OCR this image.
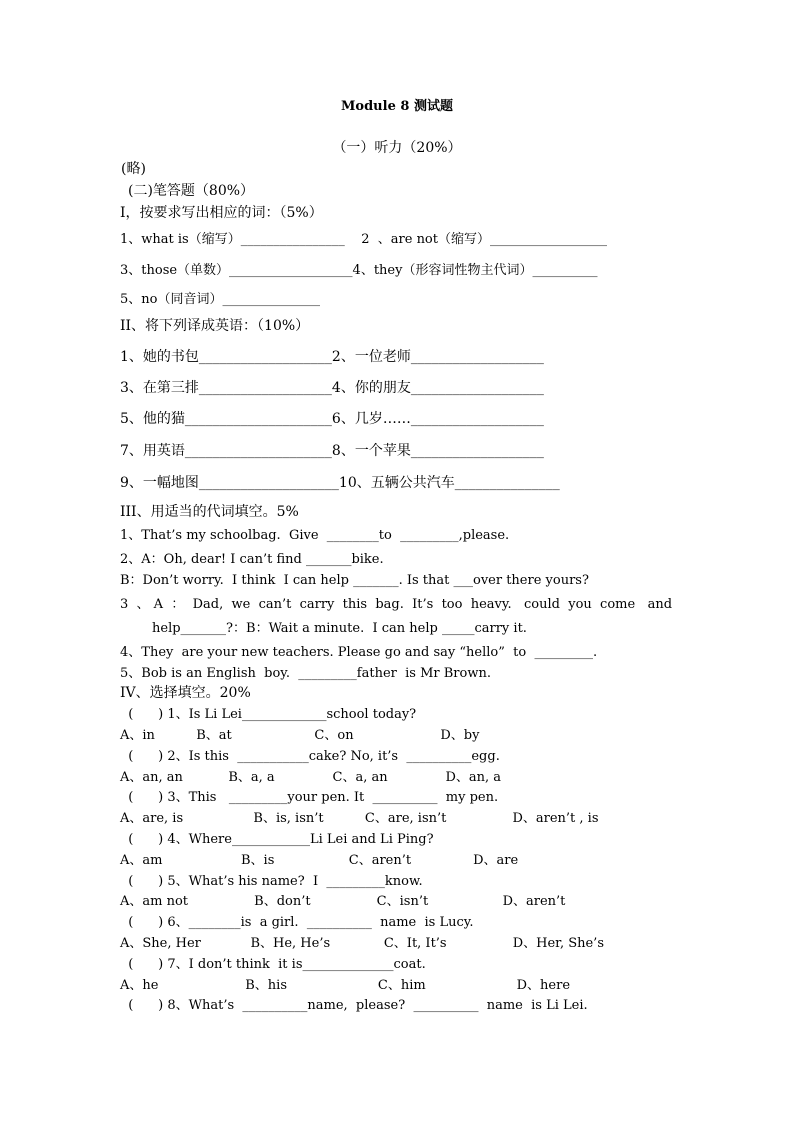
Module 8 测试题
（一）听力（20%）
(略)
(二)笔答题（80%）
I，按要求写出相应的词：（5%）
1、what is（缩写）________________    2  、are not（缩写）__________________
3、those（单数）___________________4、they（形容词性物主代词）__________
5、no（同音词）_______________
II、将下列译成英语：（10%）
1、她的书包___________________2、一位老师___________________
3、在第三排___________________4、你的朋友___________________
5、他的猫_____________________6、几岁……___________________
7、用英语_____________________8、一个苹果___________________
9、一幅地图____________________10、五辆公共汽车_______________
III、用适当的代词填空。5%
1、That’s my schoolbag.  Give  ________to  _________,please.
2、A：Oh, dear! I can’t find _______bike.
B：Don’t worry.  I think  I can help _______. Is that ___over there yours?
3  、 A  ：  Dad,  we  can’t  carry  this  bag.  It’s  too  heavy.   could  you  come   and
help_______?：B：Wait a minute.  I can help _____carry it.
4、They  are your new teachers. Please go and say “hello”  to  _________.
5、Bob is an English  boy.  _________father  is Mr Brown.
IV、选择填空。20%
(      ) 1、Is Li Lei_____________school today?
A、in          B、at                    C、on                     D、by
(      ) 2、Is this  ___________cake? No, it’s  __________egg.
A、an, an           B、a, a              C、a, an              D、an, a
(      ) 3、This   _________your pen. It  __________  my pen.
A、are, is                 B、is, isn’t          C、are, isn’t                D、aren’t , is
(      ) 4、Where____________Li Lei and Li Ping?
A、am                   B、is                  C、aren’t               D、are
(      ) 5、What’s his name?  I  _________know.
A、am not                B、don’t                C、isn’t                  D、aren’t
(      ) 6、________is  a girl.  __________  name  is Lucy.
A、She, Her            B、He, He’s             C、It, It’s                D、Her, She’s
(      ) 7、I don’t think  it is______________coat.
A、he                     B、his                      C、him                      D、here
(      ) 8、What’s  __________name,  please?  __________  name  is Li Lei.
